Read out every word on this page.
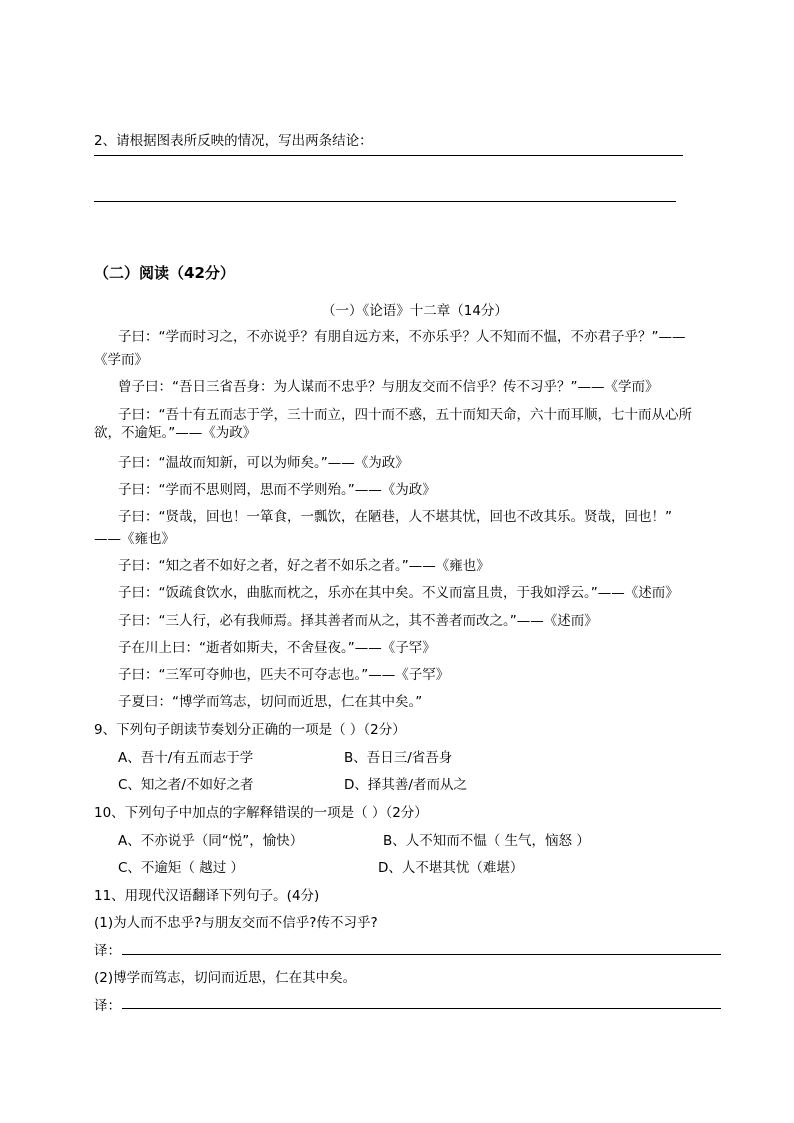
2、请根据图表所反映的情况，写出两条结论：
（二）阅读（42分）
（一）《论语》十二章（14分）
子曰：“学而时习之，不亦说乎？有朋自远方来，不亦乐乎？人不知而不愠，不亦君子乎？”——
《学而》
曾子曰：“吾日三省吾身：为人谋而不忠乎？与朋友交而不信乎？传不习乎？”——《学而》
子曰：“吾十有五而志于学，三十而立，四十而不惑，五十而知天命，六十而耳顺，七十而从心所
欲，不逾矩。”——《为政》
子曰：“温故而知新，可以为师矣。”——《为政》
子曰：“学而不思则罔，思而不学则殆。”——《为政》
子曰：“贤哉，回也！一箪食，一瓢饮，在陋巷，人不堪其忧，回也不改其乐。贤哉，回也！”
——《雍也》
子曰：“知之者不如好之者，好之者不如乐之者。”——《雍也》
子曰：“饭疏食饮水，曲肱而枕之，乐亦在其中矣。不义而富且贵，于我如浮云。”——《述而》
子曰：“三人行，必有我师焉。择其善者而从之，其不善者而改之。”——《述而》
子在川上曰：“逝者如斯夫，不舍昼夜。”——《子罕》
子曰：“三军可夺帅也，匹夫不可夺志也。”——《子罕》
子夏曰：“博学而笃志，切问而近思，仁在其中矣。”
9、下列句子朗读节奏划分正确的一项是（ ）（2分）
A、吾十/有五而志于学	B、吾日三/省吾身
C、知之者/不如好之者	D、择其善/者而从之
10、下列句子中加点的字解释错误的一项是（ ）（2分）
A、不亦说乎（同“悦”，愉快）	B、人不知而不愠（ 生气，恼怒 ）
C、不逾矩（ 越过 ）	D、人不堪其忧（难堪）
11、用现代汉语翻译下列句子。(4分)
(1)为人而不忠乎?与朋友交而不信乎?传不习乎?
译：
(2)博学而笃志，切问而近思，仁在其中矣。
译：
